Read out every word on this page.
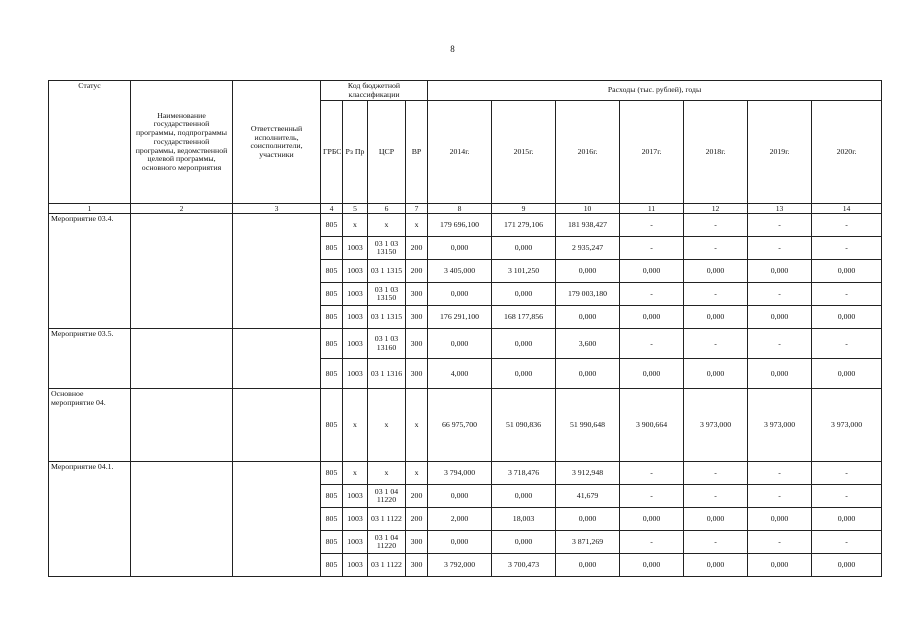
8
Статус	Наименование государственной программы, подпрограммы государственной программы, ведомственной целевой программы, основного мероприятия	Ответственный исполнитель, соисполнители, участники	Код бюджетной классификации				Расходы (тыс. рублей), годы						
			ГРБС	Рз Пр	ЦСР	ВР	2014г.	2015г.	2016г.	2017г.	2018г.	2019г.	2020г.
1	2	3	4	5	6	7	8	9	10	11	12	13	14
Мероприятие 03.4.			805	x	x	x	179 696,100	171 279,106	181 938,427	-	-	-	-
			805	1003	03 1 03 13150	200	0,000	0,000	2 935,247	-	-	-	-
			805	1003	03 1 1315	200	3 405,000	3 101,250	0,000	0,000	0,000	0,000	0,000
			805	1003	03 1 03 13150	300	0,000	0,000	179 003,180	-	-	-	-
			805	1003	03 1 1315	300	176 291,100	168 177,856	0,000	0,000	0,000	0,000	0,000
Мероприятие 03.5.			805	1003	03 1 03 13160	300	0,000	0,000	3,600	-	-	-	-
			805	1003	03 1 1316	300	4,000	0,000	0,000	0,000	0,000	0,000	0,000
Основное мероприятие 04.			805	x	x	x	66 975,700	51 090,836	51 990,648	3 900,664	3 973,000	3 973,000	3 973,000
Мероприятие 04.1.			805	x	x	x	3 794,000	3 718,476	3 912,948	-	-	-	-
			805	1003	03 1 04 11220	200	0,000	0,000	41,679	-	-	-	-
			805	1003	03 1 1122	200	2,000	18,003	0,000	0,000	0,000	0,000	0,000
			805	1003	03 1 04 11220	300	0,000	0,000	3 871,269	-	-	-	-
			805	1003	03 1 1122	300	3 792,000	3 700,473	0,000	0,000	0,000	0,000	0,000
